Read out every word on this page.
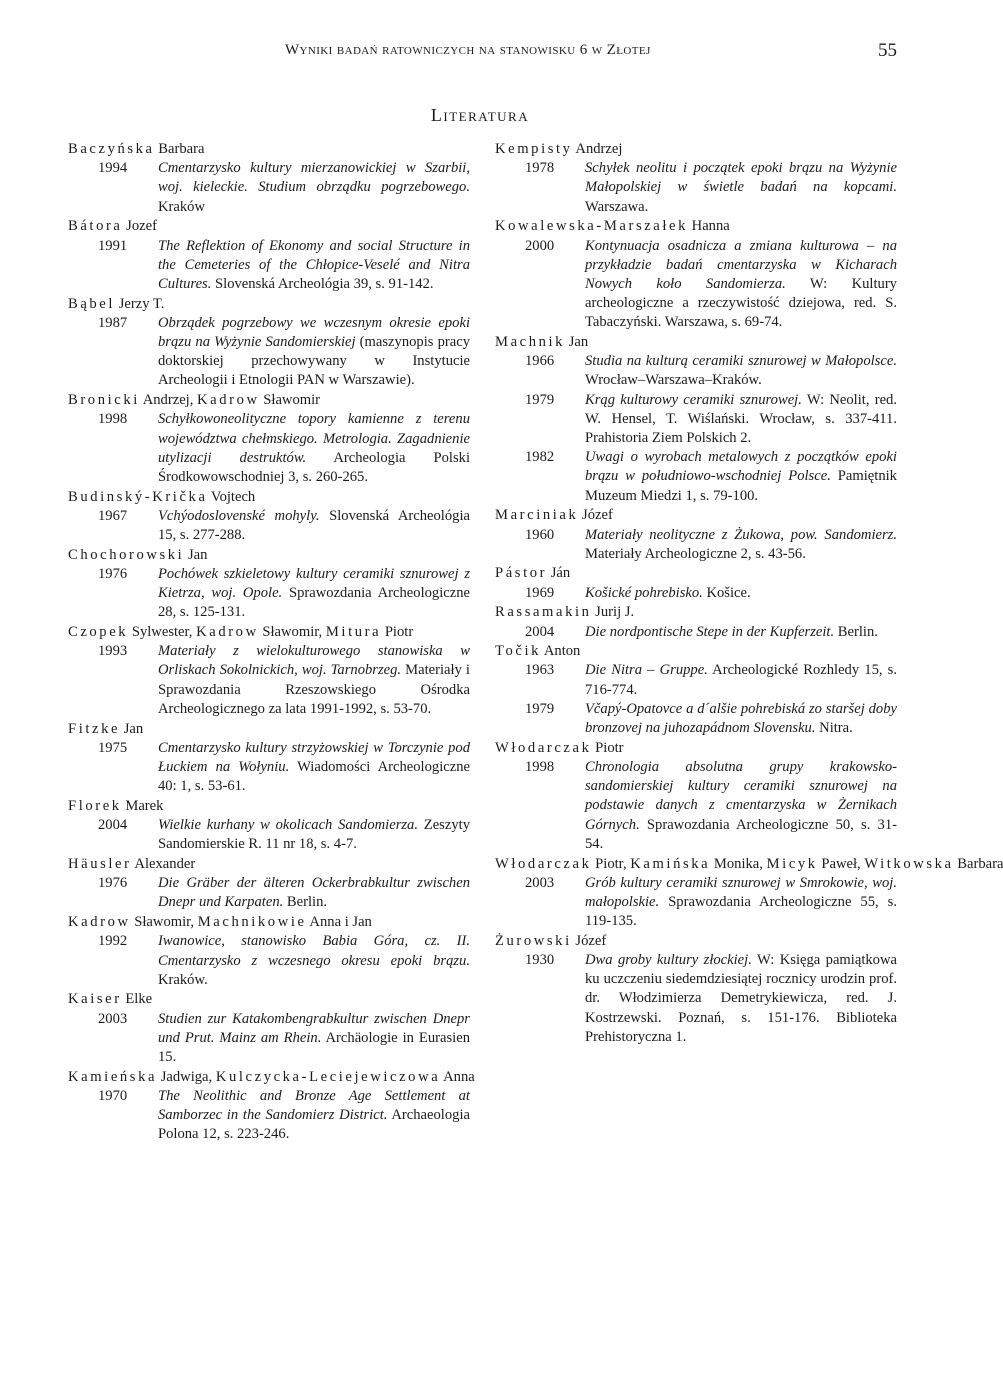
Wyniki badań ratowniczych na stanowisku 6 w Złotej	55
Literatura
Baczyńska Barbara
1994	Cmentarzysko kultury mierzanowickiej w Szarbii, woj. kieleckie. Studium obrządku pogrzebowego. Kraków
Bátora Jozef
1991	The Reflektion of Ekonomy and social Structure in the Cemeteries of the Chłopice-Veselé and Nitra Cultures. Slovenská Archeológia 39, s. 91-142.
Bąbel Jerzy T.
1987	Obrządek pogrzebowy we wczesnym okresie epoki brązu na Wyżynie Sandomierskiej (maszynopis pracy doktorskiej przechowywany w Instytucie Archeologii i Etnologii PAN w Warszawie).
Bronicki Andrzej, Kadrow Sławomir
1998	Schyłkowoneolityczne topory kamienne z terenu województwa chełmskiego. Metrologia. Zagadnienie utylizacji destruktów. Archeologia Polski Środkowowschodniej 3, s. 260-265.
Budinský-Krička Vojtech
1967	Vchýodoslovenské mohyly. Slovenská Archeológia 15, s. 277-288.
Chochorowski Jan
1976	Pochówek szkieletowy kultury ceramiki sznurowej z Kietrza, woj. Opole. Sprawozdania Archeologiczne 28, s. 125-131.
Czopek Sylwester, Kadrow Sławomir, Mitura Piotr
1993	Materiały z wielokulturowego stanowiska w Orliskach Sokolnickich, woj. Tarnobrzeg. Materiały i Sprawozdania Rzeszowskiego Ośrodka Archeologicznego za lata 1991-1992, s. 53-70.
Fitzke Jan
1975	Cmentarzysko kultury strzyżowskiej w Torczynie pod Łuckiem na Wołyniu. Wiadomości Archeologiczne 40: 1, s. 53-61.
Florek Marek
2004	Wielkie kurhany w okolicach Sandomierza. Zeszyty Sandomierskie R. 11 nr 18, s. 4-7.
Häusler Alexander
1976	Die Gräber der älteren Ockerbrabkultur zwischen Dnepr und Karpaten. Berlin.
Kadrow Sławomir, Machnikowie Anna i Jan
1992	Iwanowice, stanowisko Babia Góra, cz. II. Cmentarzysko z wczesnego okresu epoki brązu. Kraków.
Kaiser Elke
2003	Studien zur Katakombengrabkultur zwischen Dnepr und Prut. Mainz am Rhein. Archäologie in Eurasien 15.
Kamieńska Jadwiga, Kulczycka-Leciejewiczowa Anna
1970	The Neolithic and Bronze Age Settlement at Samborzec in the Sandomierz District. Archaeologia Polona 12, s. 223-246.
Kempisty Andrzej
1978	Schyłek neolitu i początek epoki brązu na Wyżynie Małopolskiej w świetle badań na kopcami. Warszawa.
Kowalewska-Marszałek Hanna
2000	Kontynuacja osadnicza a zmiana kulturowa – na przykładzie badań cmentarzyska w Kicharach Nowych koło Sandomierza. W: Kultury archeologiczne a rzeczywistość dziejowa, red. S. Tabaczyński. Warszawa, s. 69-74.
Machnik Jan
1966	Studia na kulturą ceramiki sznurowej w Małopolsce. Wrocław–Warszawa–Kraków.
1979	Krąg kulturowy ceramiki sznurowej. W: Neolit, red. W. Hensel, T. Wiślański. Wrocław, s. 337-411. Prahistoria Ziem Polskich 2.
1982	Uwagi o wyrobach metalowych z początków epoki brązu w południowo-wschodniej Polsce. Pamiętnik Muzeum Miedzi 1, s. 79-100.
Marciniak Józef
1960	Materiały neolityczne z Żukowa, pow. Sandomierz. Materiały Archeologiczne 2, s. 43-56.
Pástor Ján
1969	Košické pohrebisko. Košice.
Rassamakin Jurij J.
2004	Die nordpontische Stepe in der Kupferzeit. Berlin.
Točik Anton
1963	Die Nitra – Gruppe. Archeologické Rozhledy 15, s. 716-774.
1979	Včapý-Opatovce a d´alšie pohrebiská zo staršej doby bronzovej na juhozapádnom Slovensku. Nitra.
Włodarczak Piotr
1998	Chronologia absolutna grupy krakowsko-sandomierskiej kultury ceramiki sznurowej na podstawie danych z cmentarzyska w Żernikach Górnych. Sprawozdania Archeologiczne 50, s. 31-54.
Włodarczak Piotr, Kamińska Monika, Micyk Paweł, Witkowska Barbara
2003	Grób kultury ceramiki sznurowej w Smrokowie, woj. małopolskie. Sprawozdania Archeologiczne 55, s. 119-135.
Żurowski Józef
1930	Dwa groby kultury złockiej. W: Księga pamiątkowa ku uczczeniu siedemdziesiątej rocznicy urodzin prof. dr. Włodzimierza Demetrykiewicza, red. J. Kostrzewski. Poznań, s. 151-176. Biblioteka Prehistoryczna 1.
